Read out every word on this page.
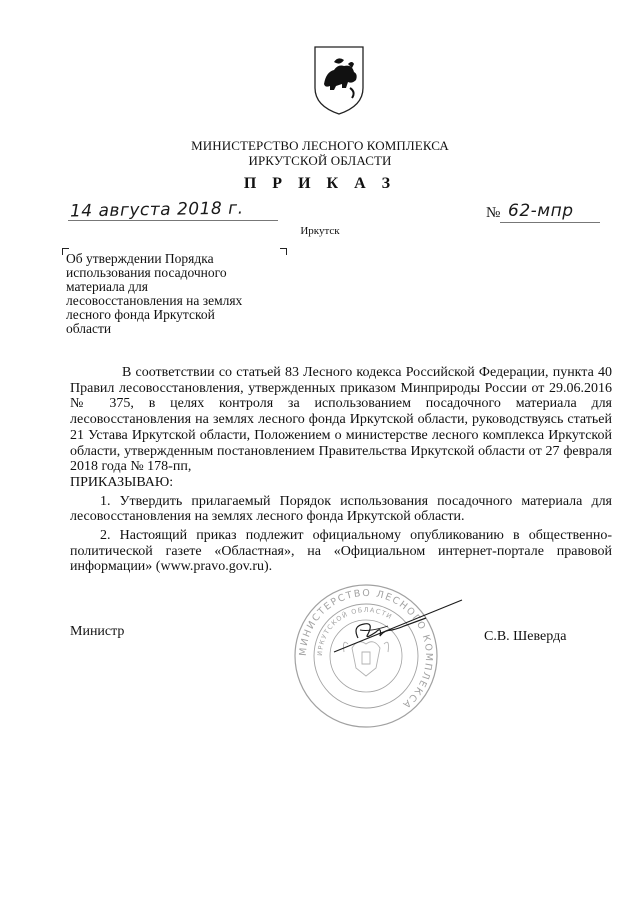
МИНИСТЕРСТВО ЛЕСНОГО КОМПЛЕКСА
ИРКУТСКОЙ ОБЛАСТИ
П Р И К А З
14 августа 2018 г.
Иркутск
№ 62-мпр
Об утверждении Порядка
использования посадочного
материала для
лесовосстановления на землях
лесного фонда Иркутской
области

В соответствии со статьей 83 Лесного кодекса Российской Федерации, пункта 40 Правил лесовосстановления, утвержденных приказом Минприроды России от 29.06.2016 № 375, в целях контроля за использованием посадочного материала для лесовосстановления на землях лесного фонда Иркутской области, руководствуясь статьей 21 Устава Иркутской области, Положением о министерстве лесного комплекса Иркутской области, утвержденным постановлением Правительства Иркутской области от 27 февраля 2018 года № 178-пп,

ПРИКАЗЫВАЮ:

1. Утвердить прилагаемый Порядок использования посадочного материала для лесовосстановления на землях лесного фонда Иркутской области.

2. Настоящий приказ подлежит официальному опубликованию в общественно-политической газете «Областная», на «Официальном интернет-портале правовой информации» (www.pravo.gov.ru).

Министр
МИНИСТЕРСТВО ЛЕСНОГО КОМПЛЕКСА
ИРКУТСКОЙ ОБЛАСТИ
С.В. Шеверда
